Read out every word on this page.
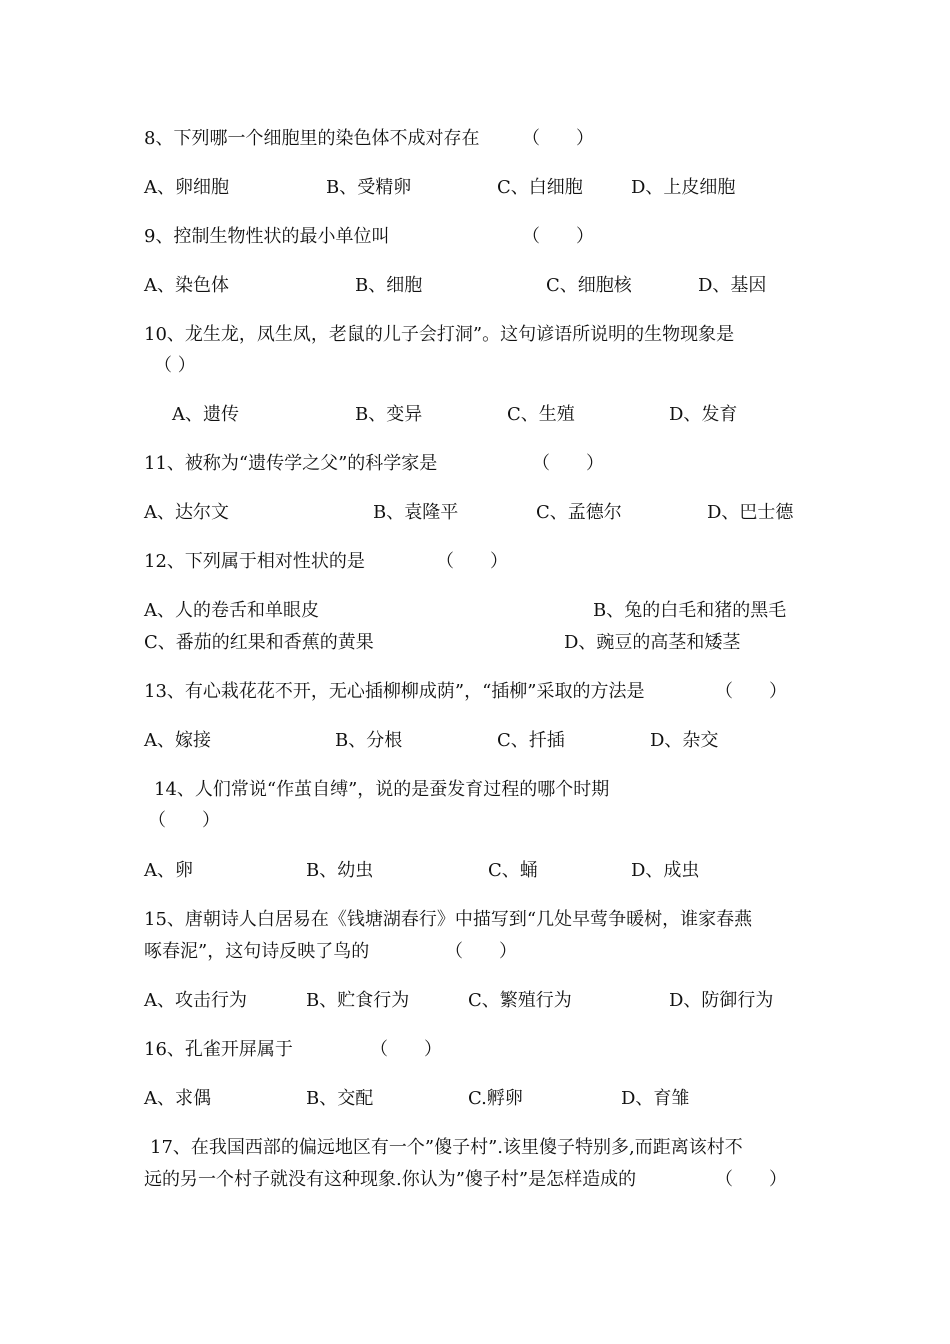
8、下列哪一个细胞里的染色体不成对存在 （　　）
A、卵细胞	B、受精卵	C、白细胞	D、上皮细胞
9、控制生物性状的最小单位叫	（　　）
A、染色体	B、细胞	C、细胞核	D、基因
10、龙生龙，凤生凤，老鼠的儿子会打洞”。这句谚语所说明的生物现象是
（ ）
A、遗传	B、变异	C、生殖	D、发育
11、被称为“遗传学之父”的科学家是	（　　）
A、达尔文	B、袁隆平	C、孟德尔	D、巴士德
12、下列属于相对性状的是	（　　）
A、人的卷舌和单眼皮	B、兔的白毛和猪的黑毛
C、番茄的红果和香蕉的黄果	D、豌豆的高茎和矮茎
13、有心栽花花不开，无心插柳柳成荫”，“插柳”采取的方法是	（　　）
A、嫁接	B、分根	C、扦插	D、杂交
14、人们常说“作茧自缚”，说的是蚕发育过程的哪个时期
（　　）
A、卵	B、幼虫	C、蛹	D、成虫
15、唐朝诗人白居易在《钱塘湖春行》中描写到“几处早莺争暖树，谁家春燕
啄春泥”，这句诗反映了鸟的	（　　）
A、攻击行为	B、贮食行为	C、繁殖行为	D、防御行为
16、孔雀开屏属于	（　　）
A、求偶	B、交配	C.孵卵	D、育雏
17、在我国西部的偏远地区有一个”傻子村”.该里傻子特别多,而距离该村不
远的另一个村子就没有这种现象.你认为”傻子村”是怎样造成的	（　　）
